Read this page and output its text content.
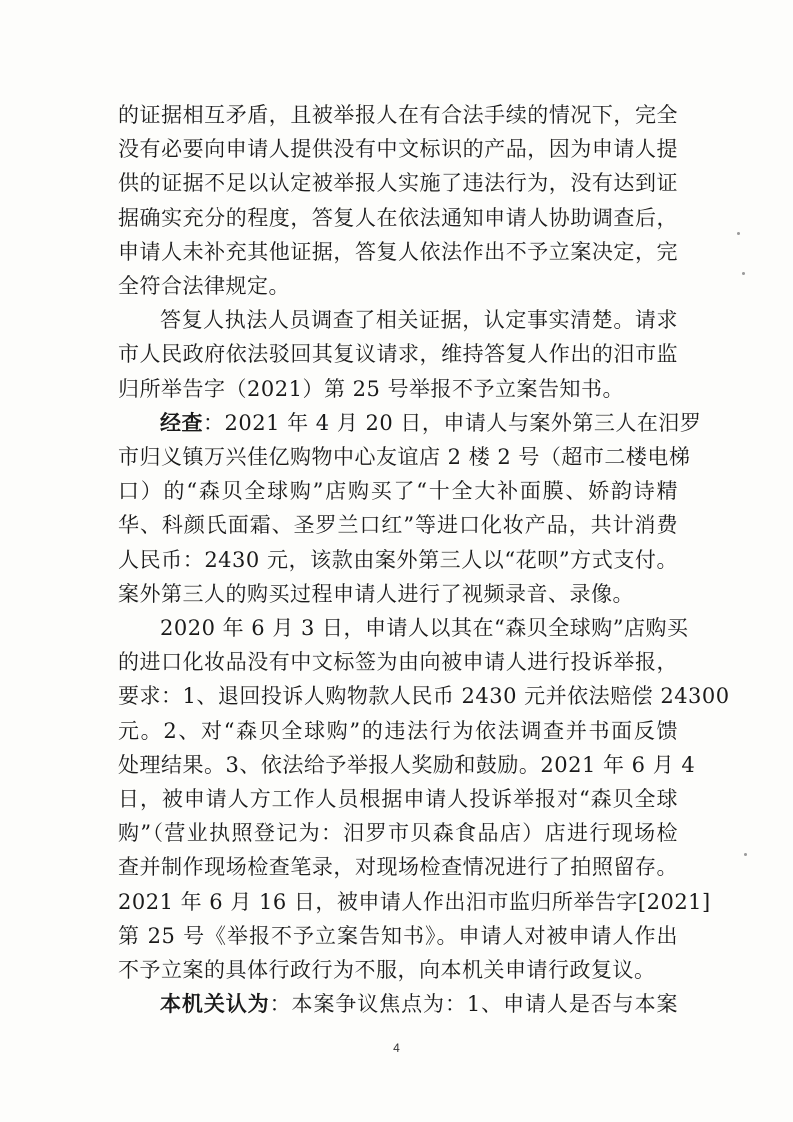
4
的证据相互矛盾，且被举报人在有合法手续的情况下，完全
没有必要向申请人提供没有中文标识的产品，因为申请人提
供的证据不足以认定被举报人实施了违法行为，没有达到证
据确实充分的程度，答复人在依法通知申请人协助调查后，
申请人未补充其他证据，答复人依法作出不予立案决定，完
全符合法律规定。
答复人执法人员调查了相关证据，认定事实清楚。请求
市人民政府依法驳回其复议请求，维持答复人作出的汨市监
归所举告字（2021）第 25 号举报不予立案告知书。
经查：2021 年 4 月 20 日，申请人与案外第三人在汨罗
市归义镇万兴佳亿购物中心友谊店 2 楼 2 号（超市二楼电梯
口）的“森贝全球购”店购买了“十全大补面膜、娇韵诗精
华、科颜氏面霜、圣罗兰口红”等进口化妆产品，共计消费
人民币：2430 元，该款由案外第三人以“花呗”方式支付。
案外第三人的购买过程申请人进行了视频录音、录像。
2020 年 6 月 3 日，申请人以其在“森贝全球购”店购买
的进口化妆品没有中文标签为由向被申请人进行投诉举报，
要求：1、退回投诉人购物款人民币 2430 元并依法赔偿 24300
元。2、对“森贝全球购”的违法行为依法调查并书面反馈
处理结果。3、依法给予举报人奖励和鼓励。2021 年 6 月 4
日，被申请人方工作人员根据申请人投诉举报对“森贝全球
购”（营业执照登记为：汨罗市贝森食品店）店进行现场检
查并制作现场检查笔录，对现场检查情况进行了拍照留存。
2021 年 6 月 16 日，被申请人作出汨市监归所举告字[2021]
第 25 号《举报不予立案告知书》。申请人对被申请人作出
不予立案的具体行政行为不服，向本机关申请行政复议。
本机关认为：本案争议焦点为：1、申请人是否与本案
